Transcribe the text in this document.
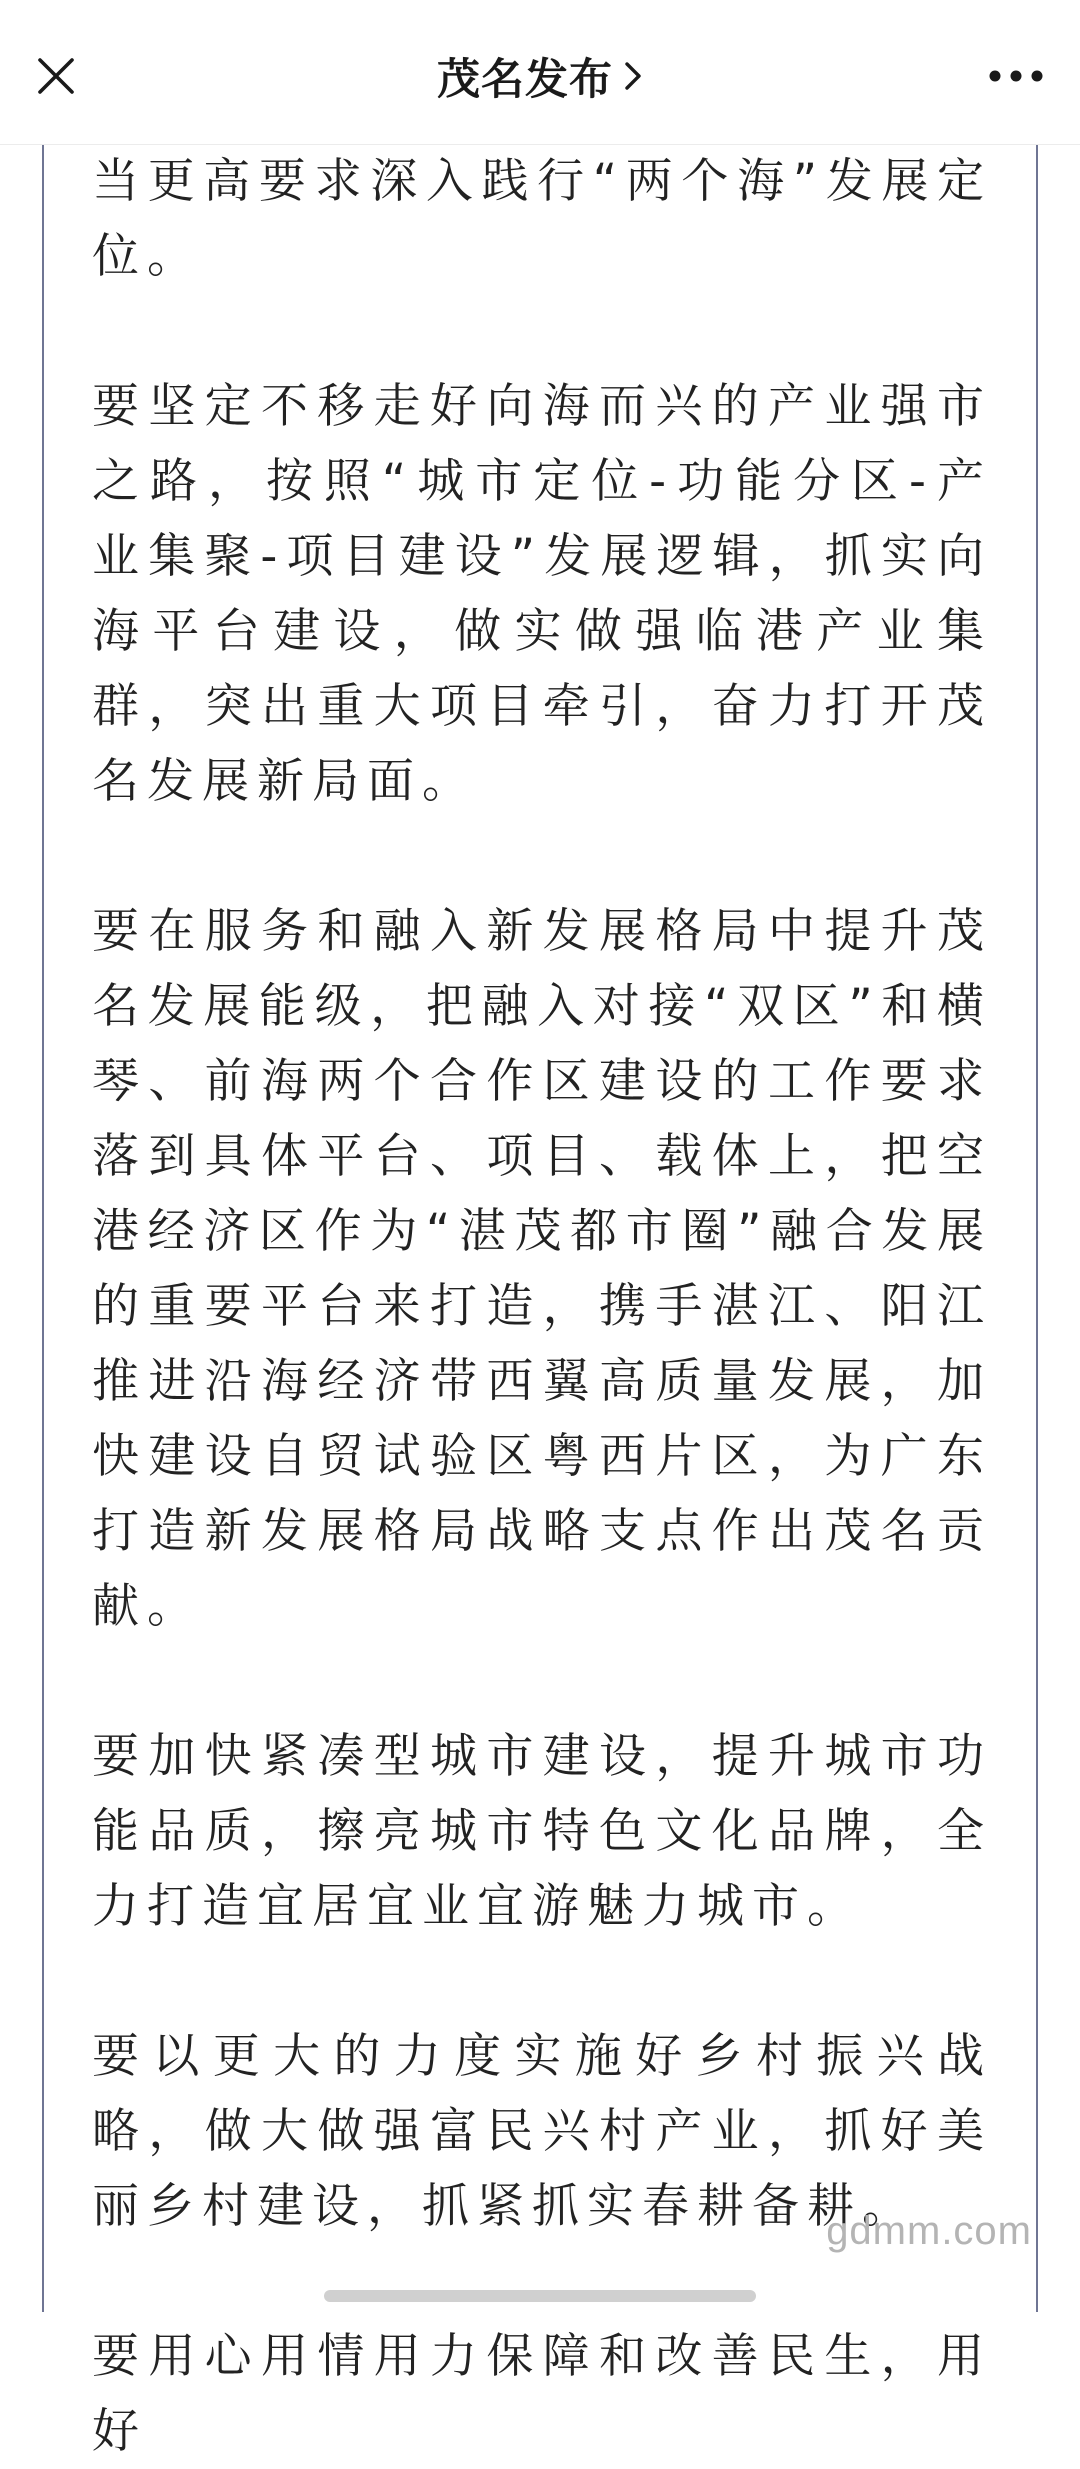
茂名发布

当更高要求深入践行“两个海”发展定位。

要坚定不移走好向海而兴的产业强市之路，按照“城市定位-功能分区-产业集聚-项目建设”发展逻辑，抓实向海平台建设，做实做强临港产业集群，突出重大项目牵引，奋力打开茂名发展新局面。

要在服务和融入新发展格局中提升茂名发展能级，把融入对接“双区”和横琴、前海两个合作区建设的工作要求落到具体平台、项目、载体上，把空港经济区作为“湛茂都市圈”融合发展的重要平台来打造，携手湛江、阳江推进沿海经济带西翼高质量发展，加快建设自贸试验区粤西片区，为广东打造新发展格局战略支点作出茂名贡献。

要加快紧凑型城市建设，提升城市功能品质，擦亮城市特色文化品牌，全力打造宜居宜业宜游魅力城市。

要以更大的力度实施好乡村振兴战略，做大做强富民兴村产业，抓好美丽乡村建设，抓紧抓实春耕备耕。

要用心用情用力保障和改善民生，用好

gdmm.com
